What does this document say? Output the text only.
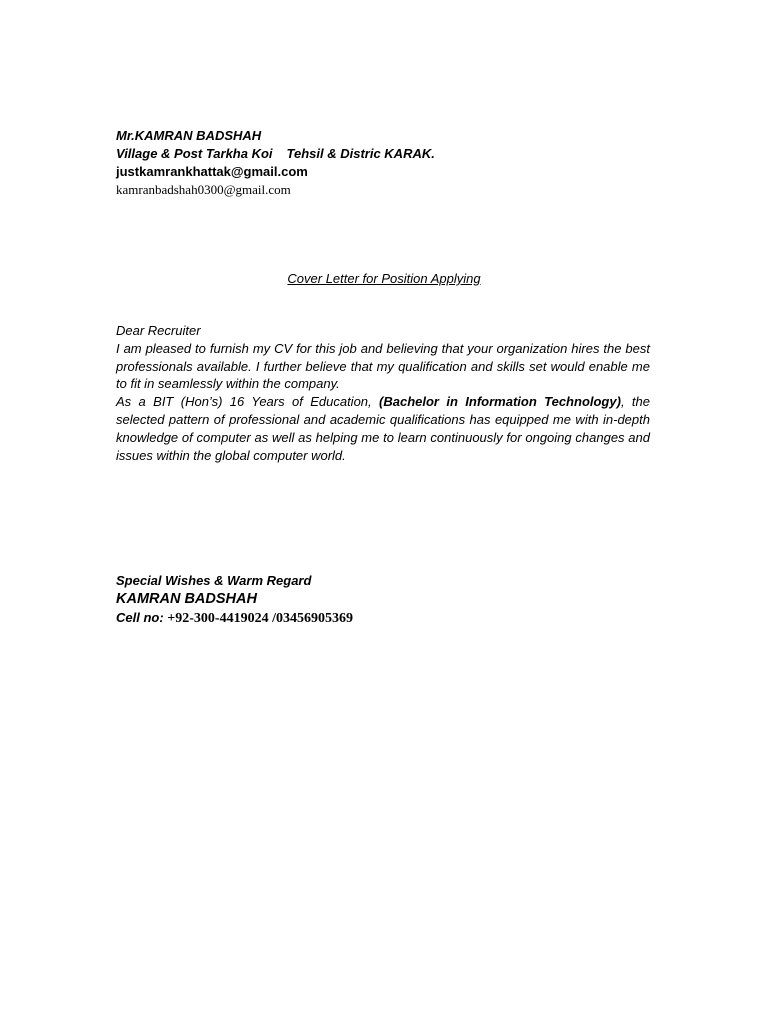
Mr.KAMRAN BADSHAH
Village & Post Tarkha Koi Tehsil & Distric KARAK.
justkamrankhattak@gmail.com
kamranbadshah0300@gmail.com
Cover Letter for Position Applying

Dear Recruiter

I am pleased to furnish my CV for this job and believing that your organization hires the best professionals available. I further believe that my qualification and skills set would enable me to fit in seamlessly within the company.

As a BIT (Hon’s) 16 Years of Education, (Bachelor in Information Technology), the selected pattern of professional and academic qualifications has equipped me with in-depth knowledge of computer as well as helping me to learn continuously for ongoing changes and issues within the global computer world.

Special Wishes & Warm Regard
KAMRAN BADSHAH
Cell no: +92-300-4419024 /03456905369
